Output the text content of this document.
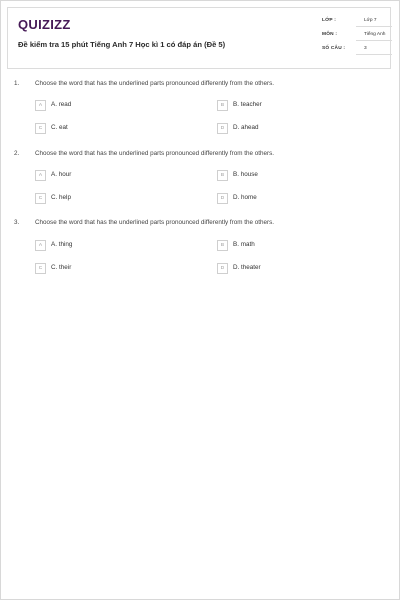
QUIZIZZ
Đề kiểm tra 15 phút Tiếng Anh 7 Học kì 1 có đáp án (Đề 5)
LỚP :	Lớp 7
MÔN :	Tiếng Anh
SỐ CÂU :	3
1. Choose the word that has the underlined parts pronounced differently from the others.
A	A. read	B	B. teacher
C	C. eat	D	D. ahead
2. Choose the word that has the underlined parts pronounced differently from the others.
A	A. hour	B	B. house
C	C. help	D	D. home
3. Choose the word that has the underlined parts pronounced differently from the others.
A	A. thing	B	B. math
C	C. their	D	D. theater
